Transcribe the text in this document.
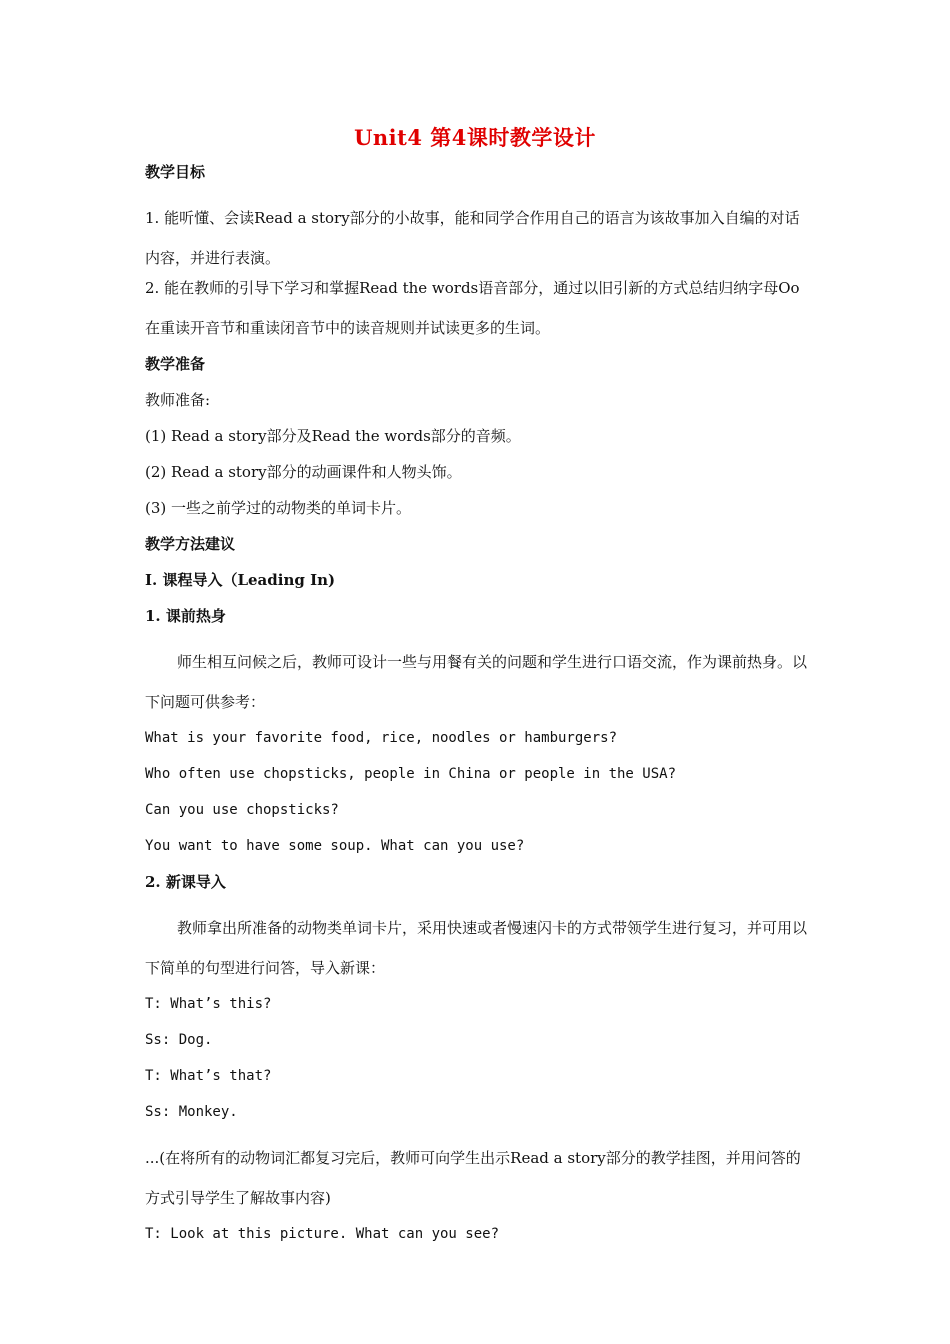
Unit4 第4课时教学设计
教学目标
1. 能听懂、会读Read a story部分的小故事，能和同学合作用自己的语言为该故事加入自编的对话内容，并进行表演。
2. 能在教师的引导下学习和掌握Read the words语音部分，通过以旧引新的方式总结归纳字母Oo在重读开音节和重读闭音节中的读音规则并试读更多的生词。
教学准备
教师准备:
(1) Read a story部分及Read the words部分的音频。
(2) Read a story部分的动画课件和人物头饰。
(3) 一些之前学过的动物类的单词卡片。
教学方法建议
I. 课程导入（Leading In)
1. 课前热身
师生相互问候之后，教师可设计一些与用餐有关的问题和学生进行口语交流，作为课前热身。以下问题可供参考：
What is your favorite food, rice, noodles or hamburgers?
Who often use chopsticks, people in China or people in the USA?
Can you use chopsticks?
You want to have some soup. What can you use?
2. 新课导入
教师拿出所准备的动物类单词卡片，采用快速或者慢速闪卡的方式带领学生进行复习，并可用以下简单的句型进行问答，导入新课：
T: What’s this?
Ss: Dog.
T: What’s that?
Ss: Monkey.
...(在将所有的动物词汇都复习完后，教师可向学生出示Read a story部分的教学挂图，并用问答的方式引导学生了解故事内容)
T: Look at this picture. What can you see?
